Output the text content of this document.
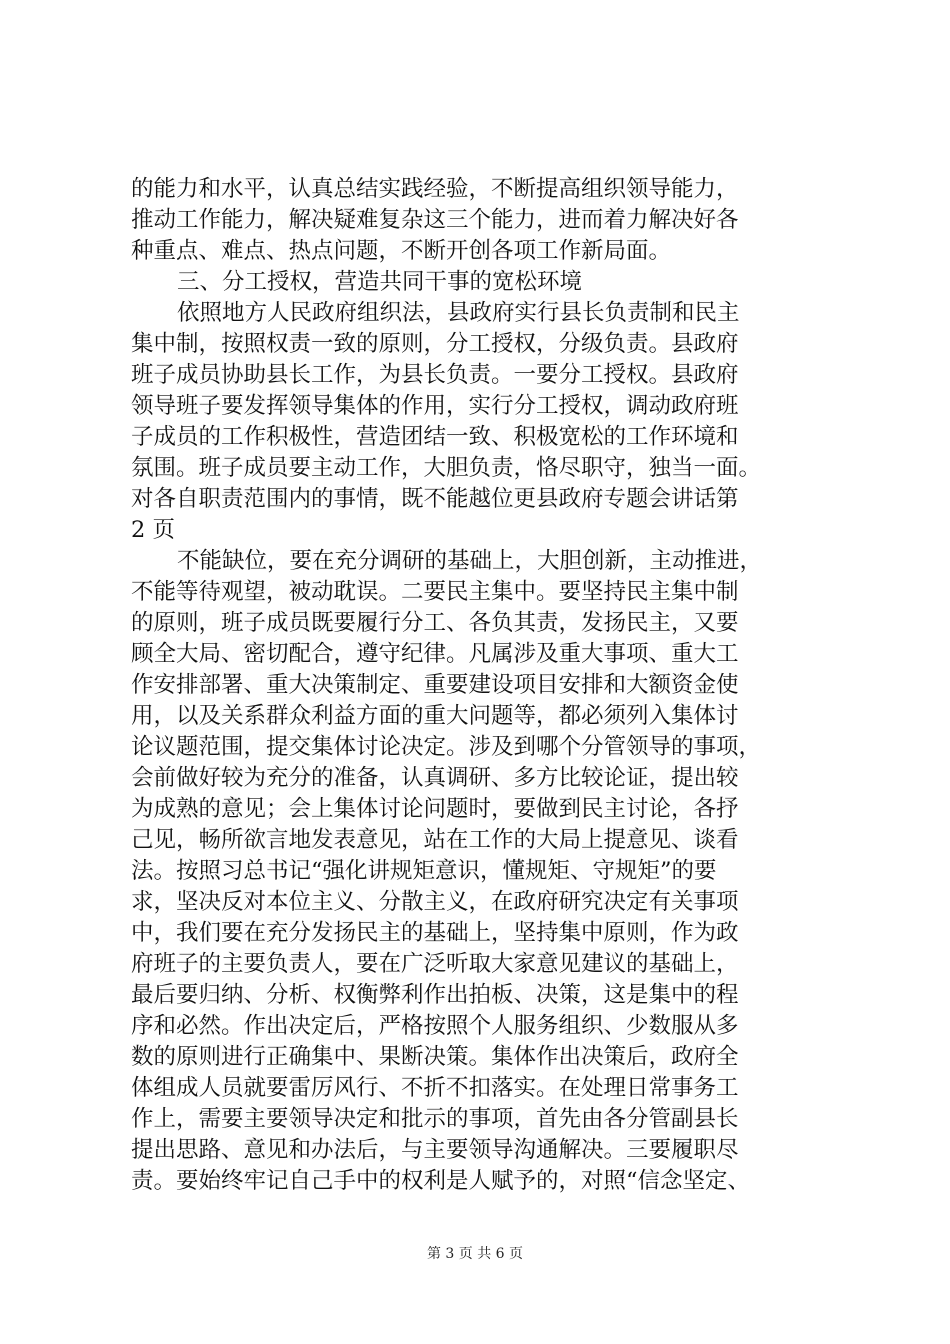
的能力和水平，认真总结实践经验，不断提高组织领导能力，
推动工作能力，解决疑难复杂这三个能力，进而着力解决好各
种重点、难点、热点问题，不断开创各项工作新局面。
三、分工授权，营造共同干事的宽松环境
依照地方人民政府组织法，县政府实行县长负责制和民主
集中制，按照权责一致的原则，分工授权，分级负责。县政府
班子成员协助县长工作，为县长负责。一要分工授权。县政府
领导班子要发挥领导集体的作用，实行分工授权，调动政府班
子成员的工作积极性，营造团结一致、积极宽松的工作环境和
氛围。班子成员要主动工作，大胆负责，恪尽职守，独当一面。
对各自职责范围内的事情，既不能越位更县政府专题会讲话第
2 页
不能缺位，要在充分调研的基础上，大胆创新，主动推进，
不能等待观望，被动耽误。二要民主集中。要坚持民主集中制
的原则，班子成员既要履行分工、各负其责，发扬民主，又要
顾全大局、密切配合，遵守纪律。凡属涉及重大事项、重大工
作安排部署、重大决策制定、重要建设项目安排和大额资金使
用，以及关系群众利益方面的重大问题等，都必须列入集体讨
论议题范围，提交集体讨论决定。涉及到哪个分管领导的事项，
会前做好较为充分的准备，认真调研、多方比较论证，提出较
为成熟的意见；会上集体讨论问题时，要做到民主讨论，各抒
己见，畅所欲言地发表意见，站在工作的大局上提意见、谈看
法。按照习总书记“强化讲规矩意识，懂规矩、守规矩”的要
求，坚决反对本位主义、分散主义，在政府研究决定有关事项
中，我们要在充分发扬民主的基础上，坚持集中原则，作为政
府班子的主要负责人，要在广泛听取大家意见建议的基础上，
最后要归纳、分析、权衡弊利作出拍板、决策，这是集中的程
序和必然。作出决定后，严格按照个人服务组织、少数服从多
数的原则进行正确集中、果断决策。集体作出决策后，政府全
体组成人员就要雷厉风行、不折不扣落实。在处理日常事务工
作上，需要主要领导决定和批示的事项，首先由各分管副县长
提出思路、意见和办法后，与主要领导沟通解决。三要履职尽
责。要始终牢记自己手中的权利是人赋予的，对照“信念坚定、
第 3 页 共 6 页
